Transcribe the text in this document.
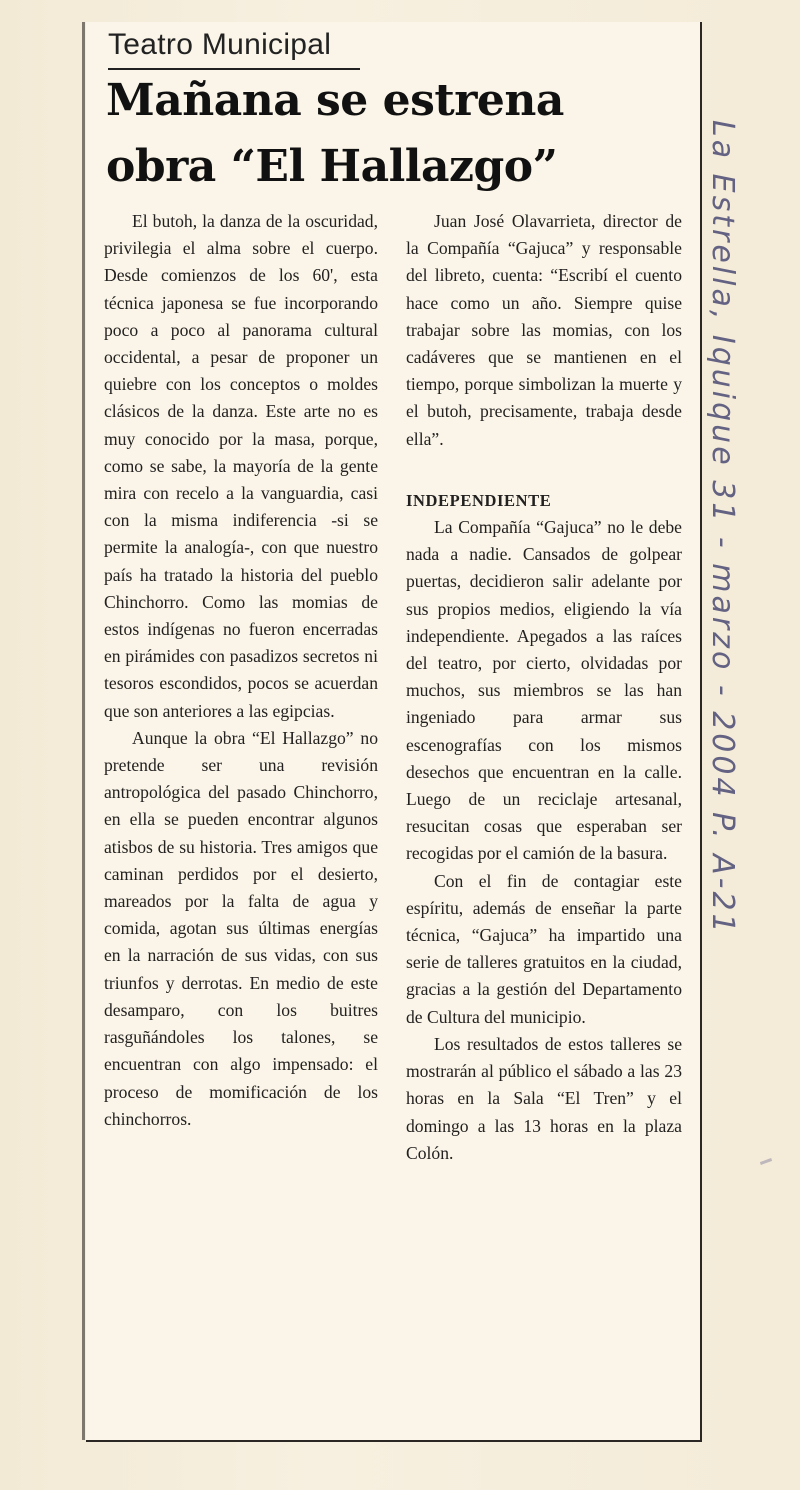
Teatro Municipal
Mañana se estrena
obra “El Hallazgo”

El butoh, la danza de la oscuridad, privilegia el alma sobre el cuerpo. Desde comienzos de los 60', esta técnica japonesa se fue incorporando poco a poco al panorama cultural occidental, a pesar de proponer un quiebre con los conceptos o moldes clásicos de la danza. Este arte no es muy conocido por la masa, porque, como se sabe, la mayoría de la gente mira con recelo a la vanguardia, casi con la misma indiferencia -si se permite la analogía-, con que nuestro país ha tratado la historia del pueblo Chinchorro. Como las momias de estos indígenas no fueron encerradas en pirámides con pasadizos secretos ni tesoros escondidos, pocos se acuerdan que son anteriores a las egipcias.

Aunque la obra “El Hallazgo” no pretende ser una revisión antropológica del pasado Chinchorro, en ella se pueden encontrar algunos atisbos de su historia. Tres amigos que caminan perdidos por el desierto, mareados por la falta de agua y comida, agotan sus últimas energías en la narración de sus vidas, con sus triunfos y derrotas. En medio de este desamparo, con los buitres rasguñándoles los talones, se encuentran con algo impensado: el proceso de momificación de los chinchorros.

Juan José Olavarrieta, director de la Compañía “Gajuca” y responsable del libreto, cuenta: “Escribí el cuento hace como un año. Siempre quise trabajar sobre las momias, con los cadáveres que se mantienen en el tiempo, porque simbolizan la muerte y el butoh, precisamente, trabaja desde ella”.

INDEPENDIENTE

La Compañía “Gajuca” no le debe nada a nadie. Cansados de golpear puertas, decidieron salir adelante por sus propios medios, eligiendo la vía independiente. Apegados a las raíces del teatro, por cierto, olvidadas por muchos, sus miembros se las han ingeniado para armar sus escenografías con los mismos desechos que encuentran en la calle. Luego de un reciclaje artesanal, resucitan cosas que esperaban ser recogidas por el camión de la basura.

Con el fin de contagiar este espíritu, además de enseñar la parte técnica, “Gajuca” ha impartido una serie de talleres gratuitos en la ciudad, gracias a la gestión del Departamento de Cultura del municipio.

Los resultados de estos talleres se mostrarán al público el sábado a las 23 horas en la Sala “El Tren” y el domingo a las 13 horas en la plaza Colón.

La Estrella, Iquique 31 - marzo - 2004 P. A-21
